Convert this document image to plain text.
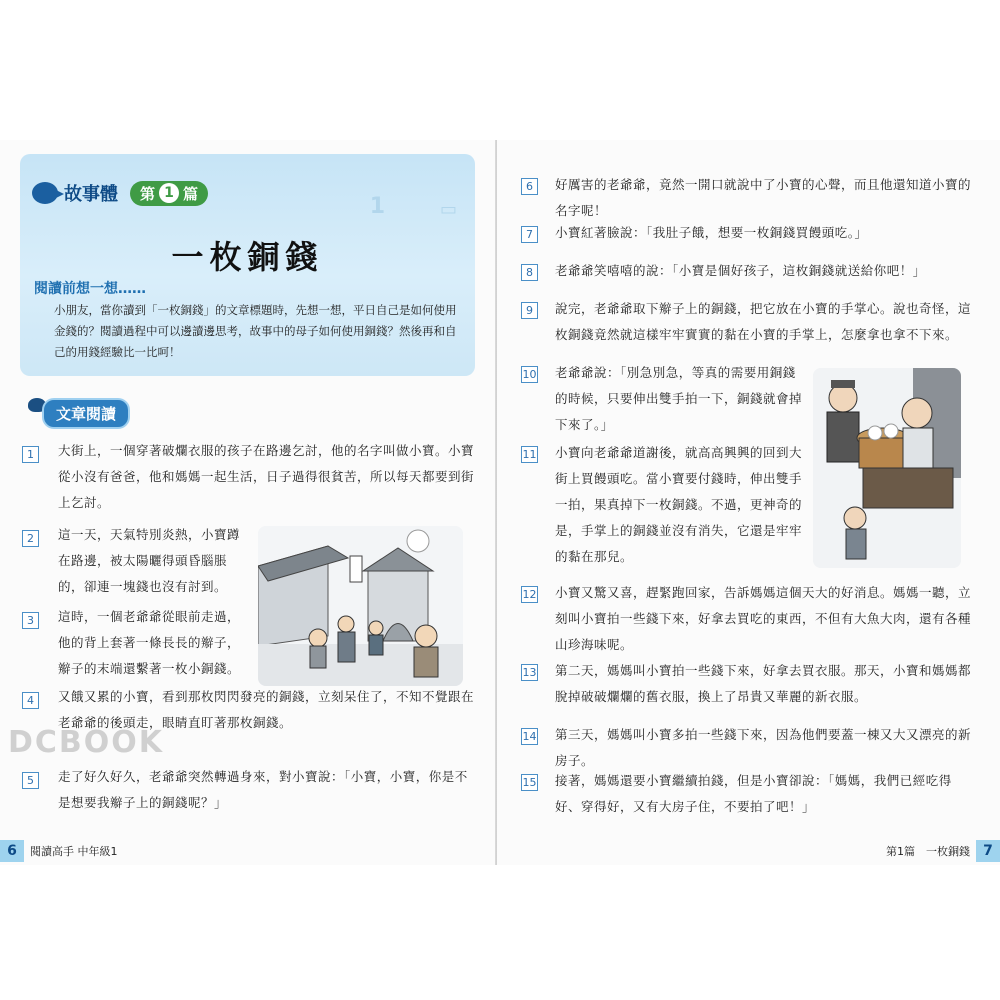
1	▭
故事體 第 1 篇
一枚銅錢
閱讀前想一想……
小朋友，當你讀到「一枚銅錢」的文章標題時，先想一想，平日自己是如何使用金錢的？閱讀過程中可以邊讀邊思考，故事中的母子如何使用銅錢？然後再和自己的用錢經驗比一比呵！
文章閱讀
1	大街上，一個穿著破爛衣服的孩子在路邊乞討，他的名字叫做小寶。小寶從小沒有爸爸，他和媽媽一起生活，日子過得很貧苦，所以每天都要到街上乞討。
2	這一天，天氣特別炎熱，小寶蹲在路邊，被太陽曬得頭昏腦脹的，卻連一塊錢也沒有討到。
3	這時，一個老爺爺從眼前走過，他的背上套著一條長長的辮子，辮子的末端還繫著一枚小銅錢。
4	又餓又累的小寶，看到那枚閃閃發亮的銅錢，立刻呆住了，不知不覺跟在老爺爺的後頭走，眼睛直盯著那枚銅錢。
5	走了好久好久，老爺爺突然轉過身來，對小寶說：「小寶，小寶，你是不是想要我辮子上的銅錢呢？」
DCBOOK
6	閱讀高手 中年級1
6	好厲害的老爺爺，竟然一開口就說中了小寶的心聲，而且他還知道小寶的名字呢！
7	小寶紅著臉說：「我肚子餓，想要一枚銅錢買饅頭吃。」
8	老爺爺笑嘻嘻的說：「小寶是個好孩子，這枚銅錢就送給你吧！」
9	說完，老爺爺取下辮子上的銅錢，把它放在小寶的手掌心。說也奇怪，這枚銅錢竟然就這樣牢牢實實的黏在小寶的手掌上，怎麼拿也拿不下來。
10 老爺爺說：「別急別急，等真的需要用銅錢的時候，只要伸出雙手拍一下，銅錢就會掉下來了。」
11 小寶向老爺爺道謝後，就高高興興的回到大街上買饅頭吃。當小寶要付錢時，伸出雙手一拍，果真掉下一枚銅錢。不過，更神奇的是，手掌上的銅錢並沒有消失，它還是牢牢的黏在那兒。
12 小寶又驚又喜，趕緊跑回家，告訴媽媽這個天大的好消息。媽媽一聽，立刻叫小寶拍一些錢下來，好拿去買吃的東西，不但有大魚大肉，還有各種山珍海味呢。
13 第二天，媽媽叫小寶拍一些錢下來，好拿去買衣服。那天，小寶和媽媽都脫掉破破爛爛的舊衣服，換上了昂貴又華麗的新衣服。
14 第三天，媽媽叫小寶多拍一些錢下來，因為他們要蓋一棟又大又漂亮的新房子。
15 接著，媽媽還要小寶繼續拍錢，但是小寶卻說：「媽媽，我們已經吃得好、穿得好，又有大房子住，不要拍了吧！」
第1篇　一枚銅錢 7
